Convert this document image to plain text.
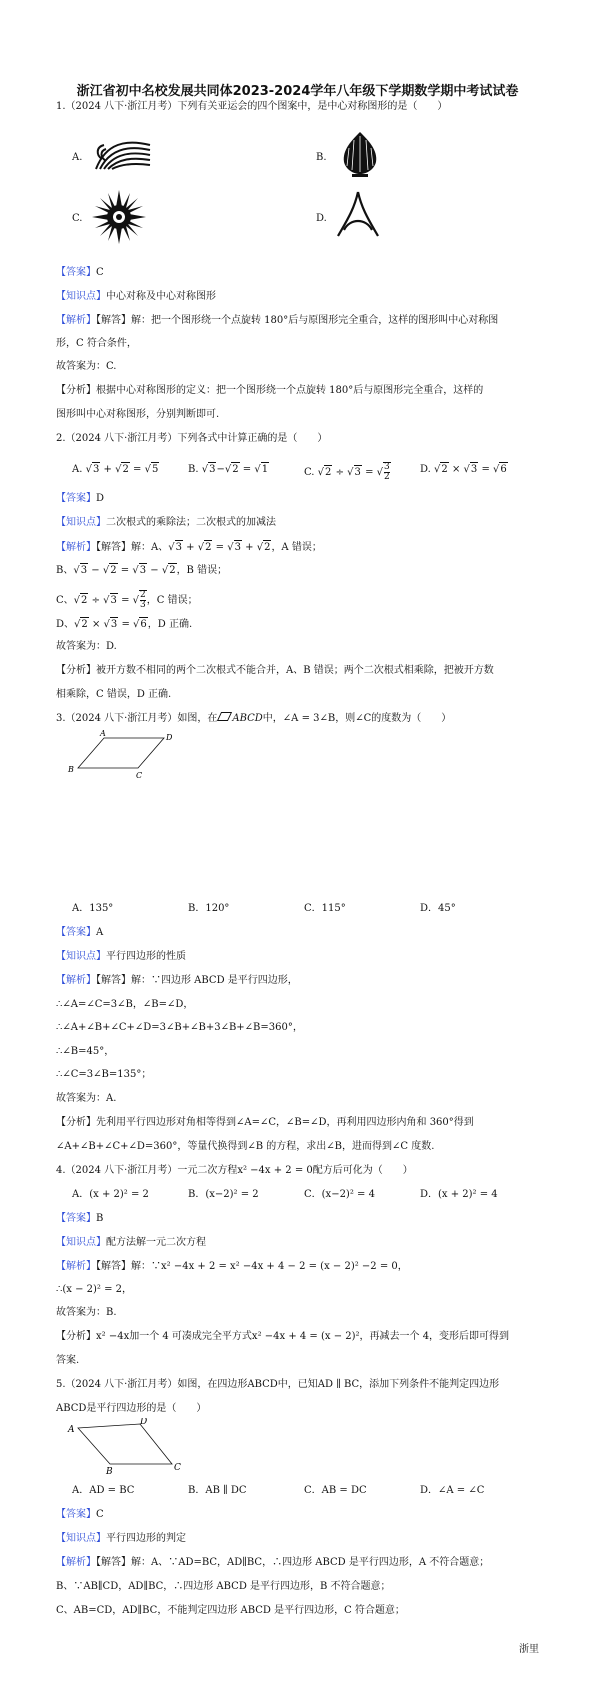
浙江省初中名校发展共同体2023-2024学年八年级下学期数学期中考试试卷
1.（2024 八下·浙江月考）下列有关亚运会的四个图案中，是中心对称图形的是（　　）
A.	B.
C.	D.
【答案】C
【知识点】中心对称及中心对称图形
【解析】【解答】解：把一个图形绕一个点旋转 180°后与原图形完全重合，这样的图形叫中心对称图
形，C 符合条件，
故答案为：C.
【分析】根据中心对称图形的定义：把一个图形绕一个点旋转 180°后与原图形完全重合，这样的
图形叫中心对称图形，分别判断即可.
2.（2024 八下·浙江月考）下列各式中计算正确的是（　　）
A. √3 + √2 = √5	B. √3−√2 = √1	C. √2 ÷ √3 = √ $\frac{3}{2}$	D. √2 × √3 = √6
【答案】D
【知识点】二次根式的乘除法；二次根式的加减法
【解析】【解答】解：A、√3 + √2 = √3 + √2，A 错误；
B、√3 − √2 = √3 − √2，B 错误；
C、√2 ÷ √3 = √ $\frac{2}{3}$ ，C 错误；
D、√2 × √3 = √6，D 正确.
故答案为：D.
【分析】被开方数不相同的两个二次根式不能合并，A、B 错误；两个二次根式相乘除，把被开方数
相乘除，C 错误，D 正确.
3.（2024 八下·浙江月考）如图，在 ABCD中，∠A = 3∠B，则∠C的度数为（　　）
A	D
B
C
A．135°	B．120°	C．115°	D．45°
【答案】A
【知识点】平行四边形的性质
【解析】【解答】解：∵四边形 ABCD 是平行四边形，
∴∠A=∠C=3∠B，∠B=∠D，
∴∠A+∠B+∠C+∠D=3∠B+∠B+3∠B+∠B=360°，
∴∠B=45°，
∴∠C=3∠B=135°；
故答案为：A.
【分析】先利用平行四边形对角相等得到∠A=∠C，∠B=∠D，再利用四边形内角和 360°得到
∠A+∠B+∠C+∠D=360°，等量代换得到∠B 的方程，求出∠B，进而得到∠C 度数.
4.（2024 八下·浙江月考）一元二次方程x² −4x + 2 = 0配方后可化为（　　）
A．(x + 2)² = 2	B．(x−2)² = 2	C．(x−2)² = 4	D．(x + 2)² = 4
【答案】B
【知识点】配方法解一元二次方程
【解析】【解答】解：∵x² −4x + 2 = x² −4x + 4 − 2 = (x − 2)² −2 = 0，
∴(x − 2)² = 2，
故答案为：B.
【分析】x² −4x加一个 4 可凑成完全平方式x² −4x + 4 = (x − 2)²，再减去一个 4，变形后即可得到
答案.
5.（2024 八下·浙江月考）如图，在四边形ABCD中，已知AD ∥ BC，添加下列条件不能判定四边形
ABCD是平行四边形的是（　　）
A
D
B	C
A．AD = BC	B．AB ∥ DC	C．AB = DC	D．∠A = ∠C
【答案】C
【知识点】平行四边形的判定
【解析】【解答】解：A、∵AD=BC，AD∥BC，∴四边形 ABCD 是平行四边形，A 不符合题意；
B、∵AB∥CD，AD∥BC，∴四边形 ABCD 是平行四边形，B 不符合题意；
C、AB=CD，AD∥BC，不能判定四边形 ABCD 是平行四边形，C 符合题意；
浙里
